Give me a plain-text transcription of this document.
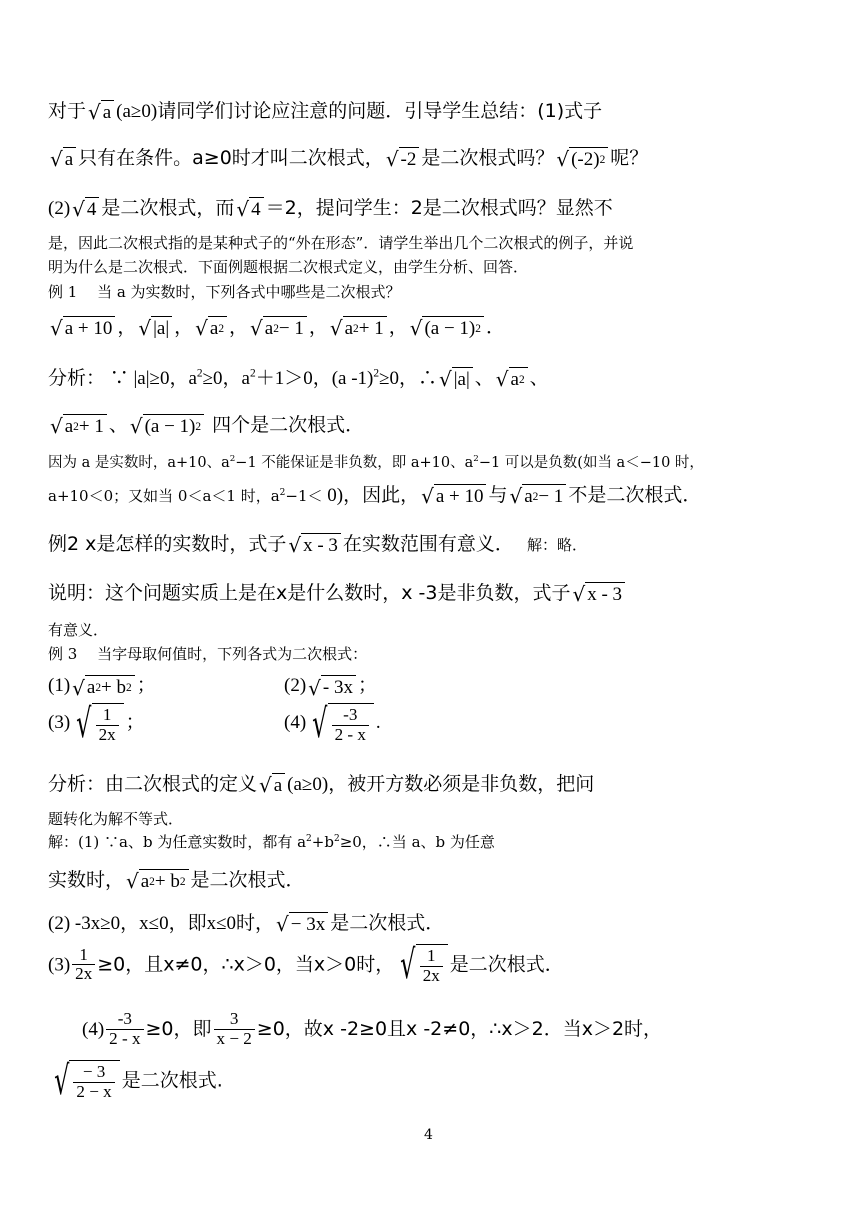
对于 √ a (a≥0)请同学们讨论应注意的问题．引导学生总结：(1)式子
√ a 只有在条件。a≥0时才叫二次根式， √ -2 是二次根式吗？ √ (-2) 2 呢？
(2) √ 4 是二次根式，而 √ 4 ＝2，提问学生：2是二次根式吗？显然不
是，因此二次根式指的是某种式子的“外在形态”．请学生举出几个二次根式的例子，并说
明为什么是二次根式．下面例题根据二次根式定义，由学生分析、回答．
例 1　 当 a 为实数时，下列各式中哪些是二次根式？
√ a + 10 ， √ |a| ， √ a 2 ， √ a 2 − 1 ， √ a 2 + 1 ， √ (a − 1) 2 ．
分析： ∵ |a|≥0，$a^2\ge 0$，$a^2+1>0$，(a -1)$^2$≥0，∴ √ |a| 、 √ a 2 、
√ a 2 + 1 、 √ (a − 1) 2 四个是二次根式．
因为 a 是实数时，a+10、$a^2-1$ 不能保证是非负数，即 a+10、$a^2-1$ 可以是负数(如当 a＜−10 时，
a+10＜0；又如当 0＜a＜1 时，$a^2-1< 0$)，因此， √ a + 10 与 √ a 2 − 1 不是二次根式．
例2 x是怎样的实数时，式子 √ x - 3 在实数范围有意义． 解：略．
说明：这个问题实质上是在x是什么数时，x -3是非负数，式子 √ x - 3
有意义．
例 3　 当字母取何值时，下列各式为二次根式：
(1) √ a 2 + b 2 ；	(2) √ - 3x ；
(3) √ $\frac{1}{2x}$ ；	(4) √ $\frac{-3}{2 - x}$ .
分析：由二次根式的定义 √ a (a≥0)，被开方数必须是非负数，把问
题转化为解不等式．
解：(1) ∵a、b 为任意实数时，都有 $a^2+b^2\ge 0$，∴当 a、b 为任意
实数时， √ a 2 + b 2 是二次根式．
(2) -3x≥0，x≤0，即x≤0时， √ − 3x 是二次根式．
$(3) \frac{1}{2x} \ge 0$，且x≠0，∴x＞0，当x＞0时， √ $\frac{1}{2x}$ 是二次根式．
$(4) \frac{-3}{2 - x} \ge 0$，即 $\frac{3}{x - 2} \ge 0$，故x -2≥0且x -2≠0，∴x＞2．当x＞2时，
√ $\frac{- 3}{2 - x}$ 是二次根式.
4
